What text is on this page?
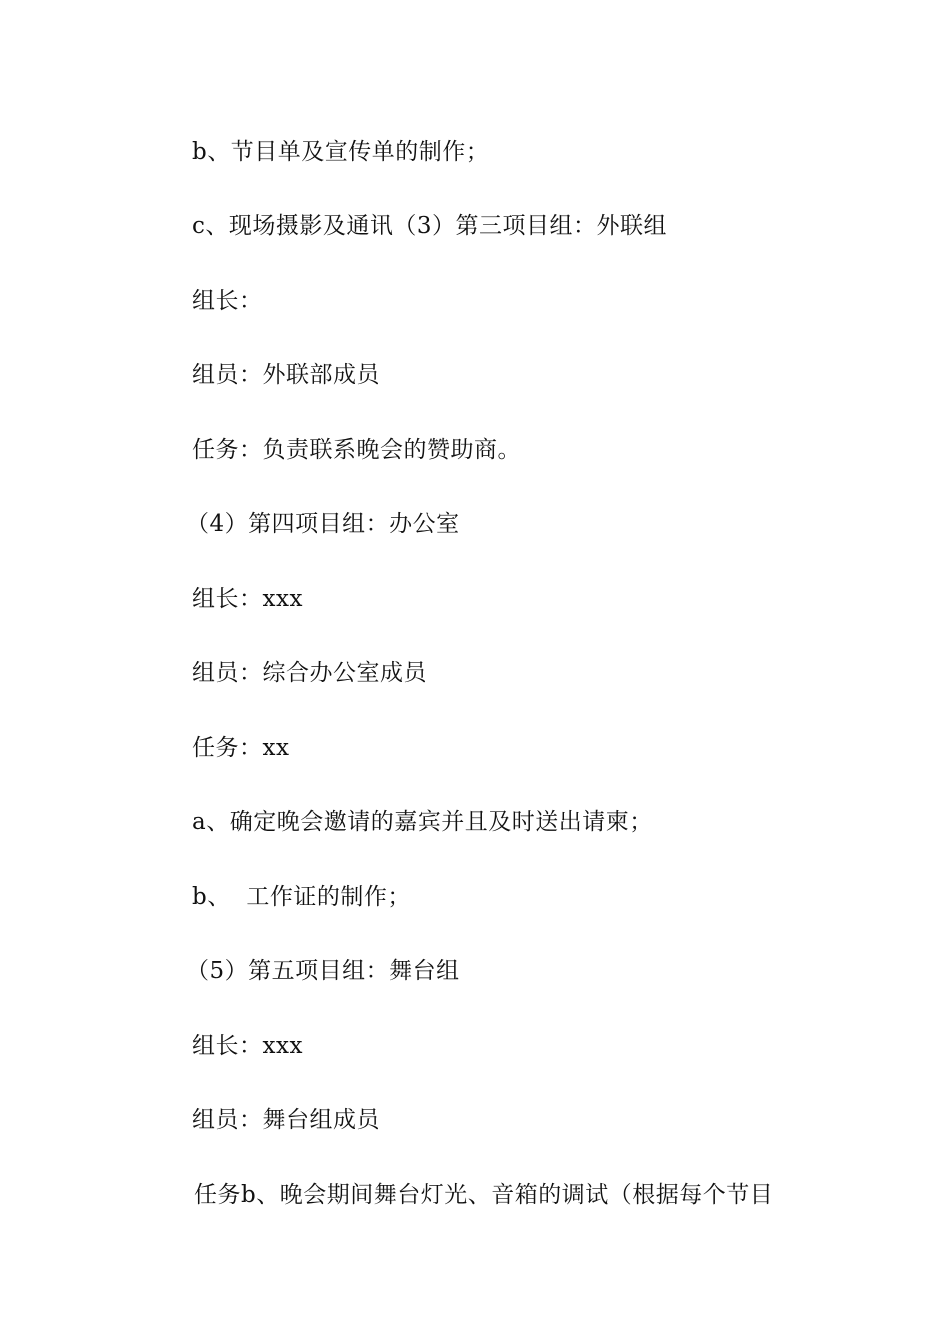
b、节目单及宣传单的制作；
c、现场摄影及通讯（3）第三项目组：外联组
组长：
组员：外联部成员
任务：负责联系晚会的赞助商。
（4）第四项目组：办公室
组长：xxx
组员：综合办公室成员
任务：xx
a、确定晚会邀请的嘉宾并且及时送出请柬；
b、  工作证的制作；
（5）第五项目组：舞台组
组长：xxx
组员：舞台组成员
任务b、晚会期间舞台灯光、音箱的调试（根据每个节目
